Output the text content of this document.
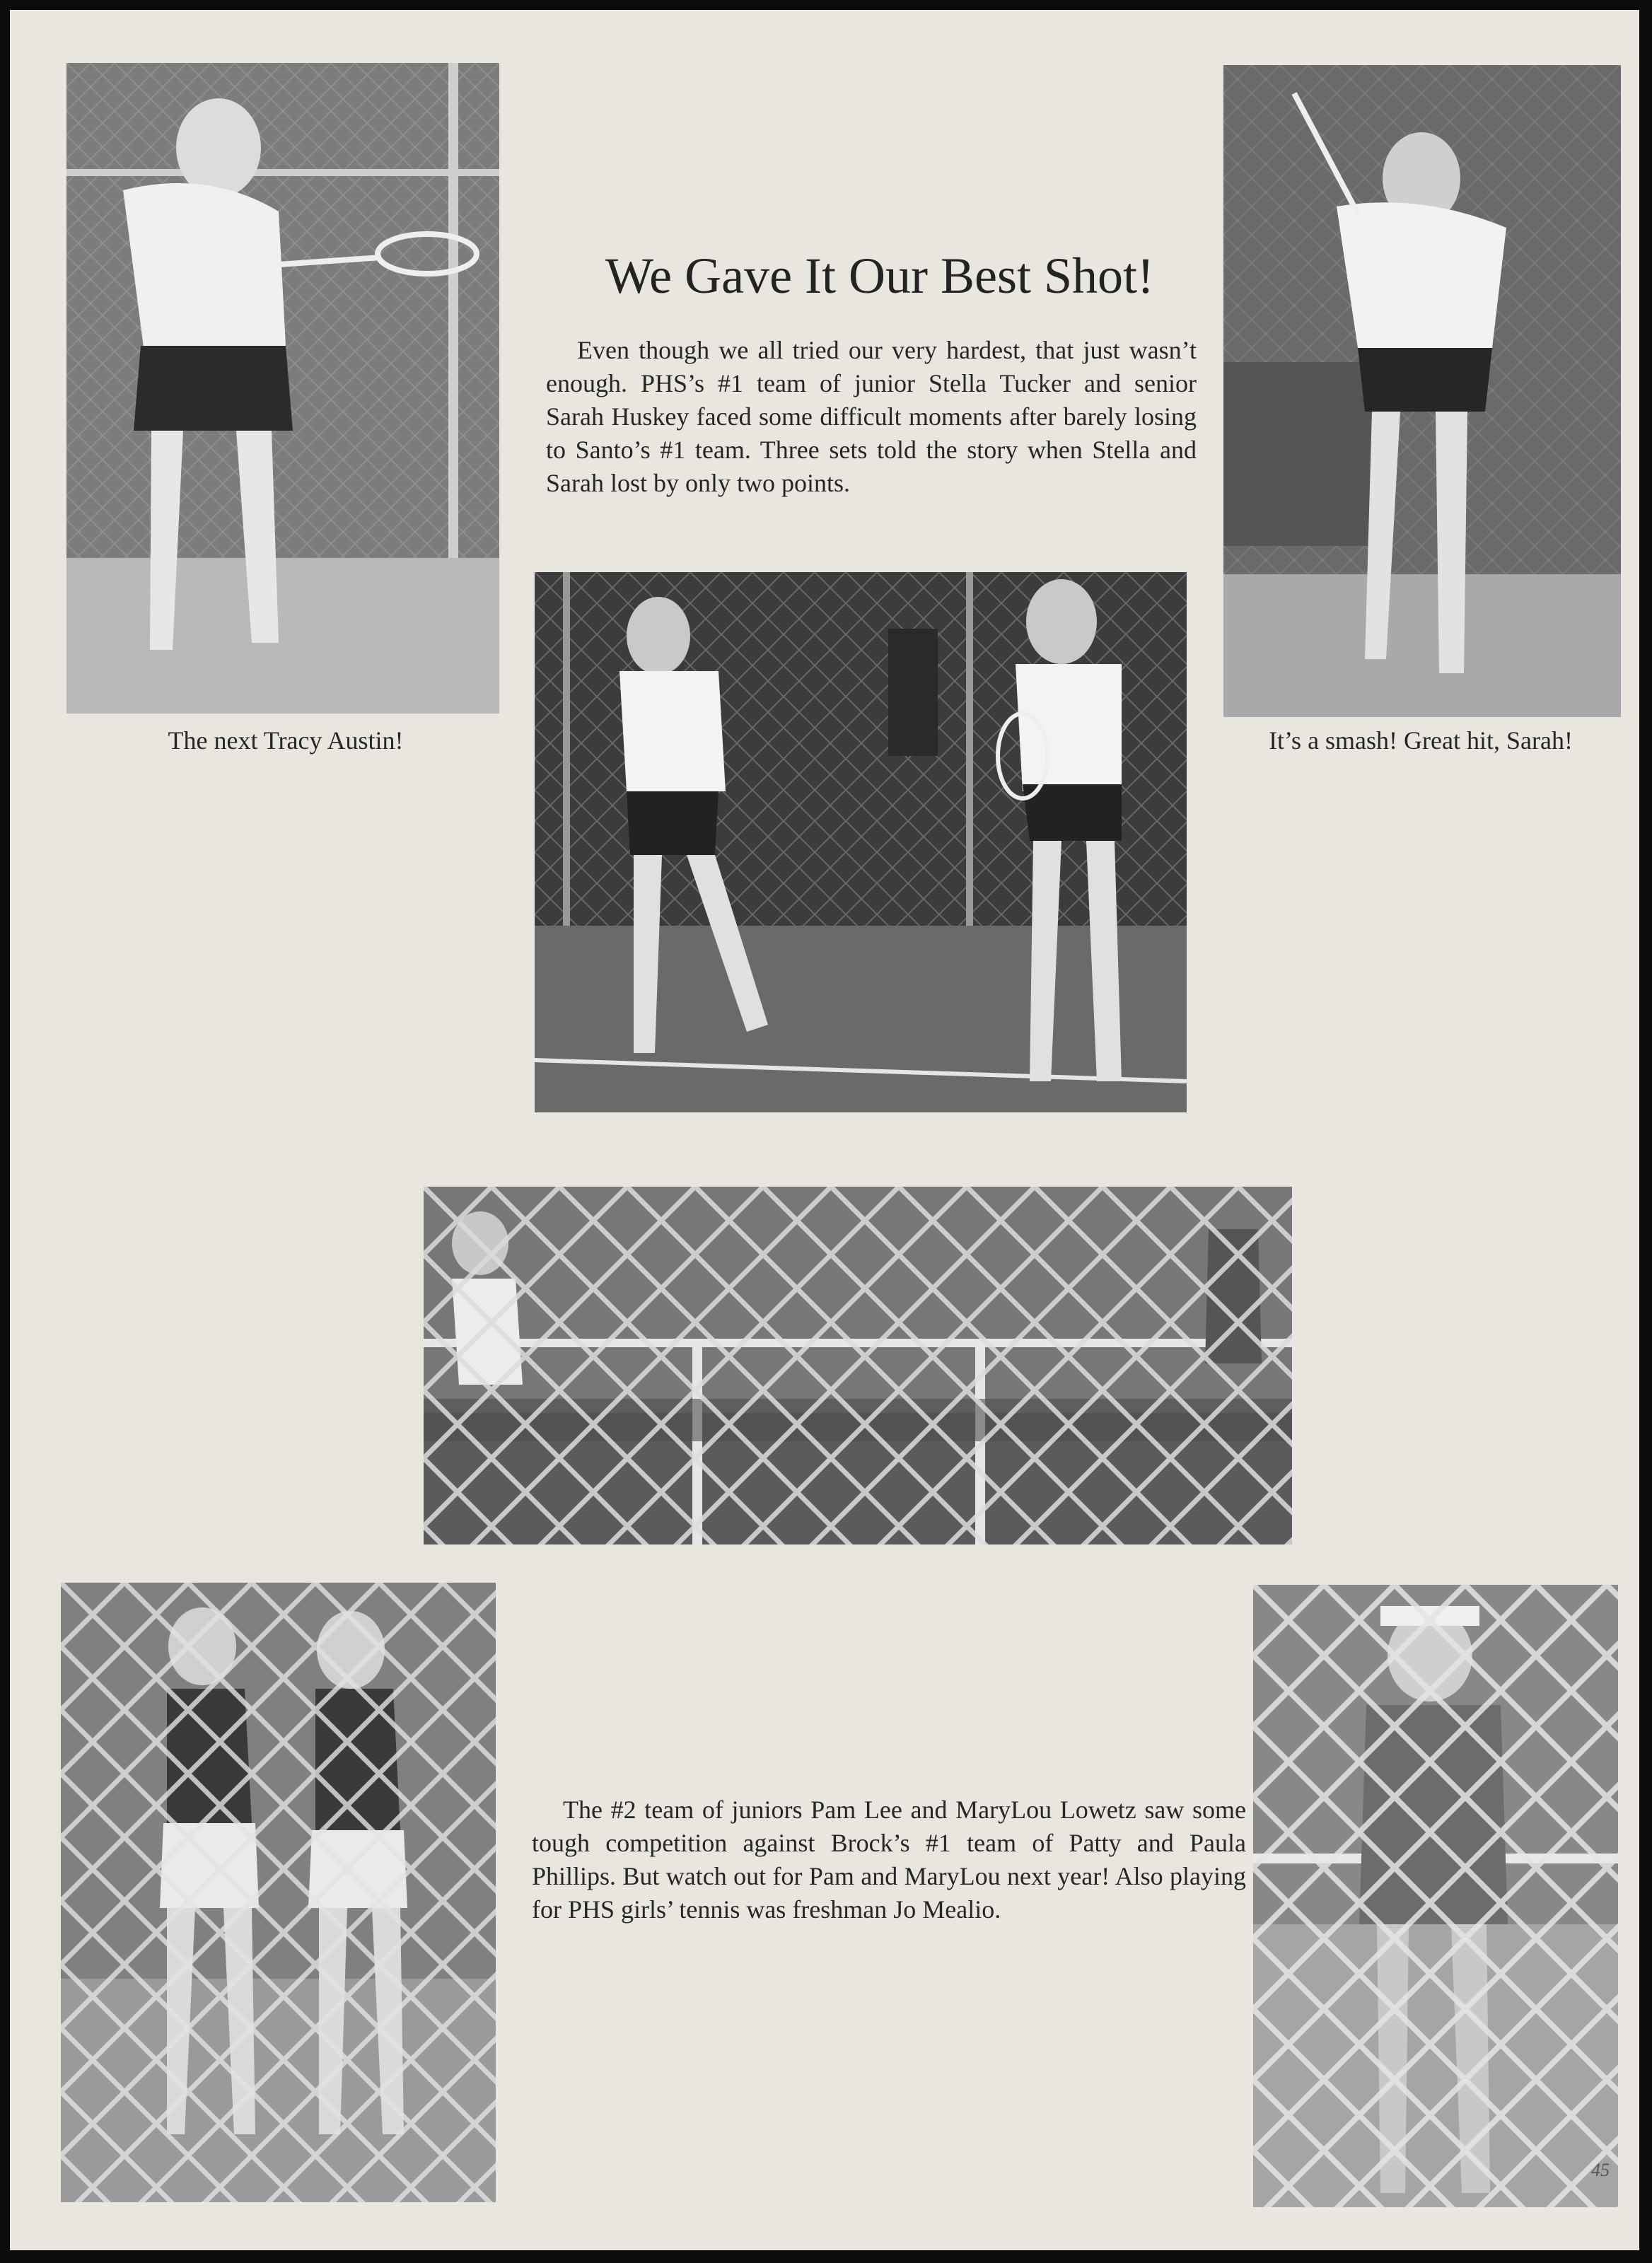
The next Tracy Austin!	It’s a smash! Great hit, Sarah!
We Gave It Our Best Shot!

Even though we all tried our very hardest, that just wasn’t enough. PHS’s #1 team of junior Stella Tucker and senior Sarah Huskey faced some difficult moments after barely losing to Santo’s #1 team. Three sets told the story when Stella and Sarah lost by only two points.

The #2 team of juniors Pam Lee and MaryLou Lowetz saw some tough competition against Brock’s #1 team of Patty and Paula Phillips. But watch out for Pam and MaryLou next year! Also playing for PHS girls’ tennis was freshman Jo Mealio.

45
